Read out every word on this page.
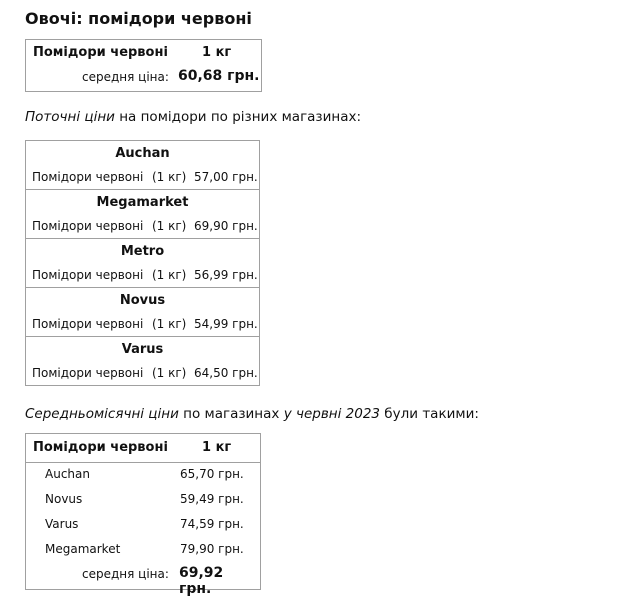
Овочі: помідори червоні
Помідори червоні	1 кг
середня ціна: 60,68 грн.
Поточні ціни на помідори по різних магазинах:
Auchan
Помідори червоні (1 кг) 57,00 грн.
Megamarket
Помідори червоні (1 кг) 69,90 грн.
Metro
Помідори червоні (1 кг) 56,99 грн.
Novus
Помідори червоні (1 кг) 54,99 грн.
Varus
Помідори червоні (1 кг) 64,50 грн.
Середньомісячні ціни по магазинах у червні 2023 були такими:
Помідори червоні	1 кг
Auchan	65,70 грн.
Novus	59,49 грн.
Varus	74,59 грн.
Megamarket	79,90 грн.
середня ціна: 69,92 грн.
